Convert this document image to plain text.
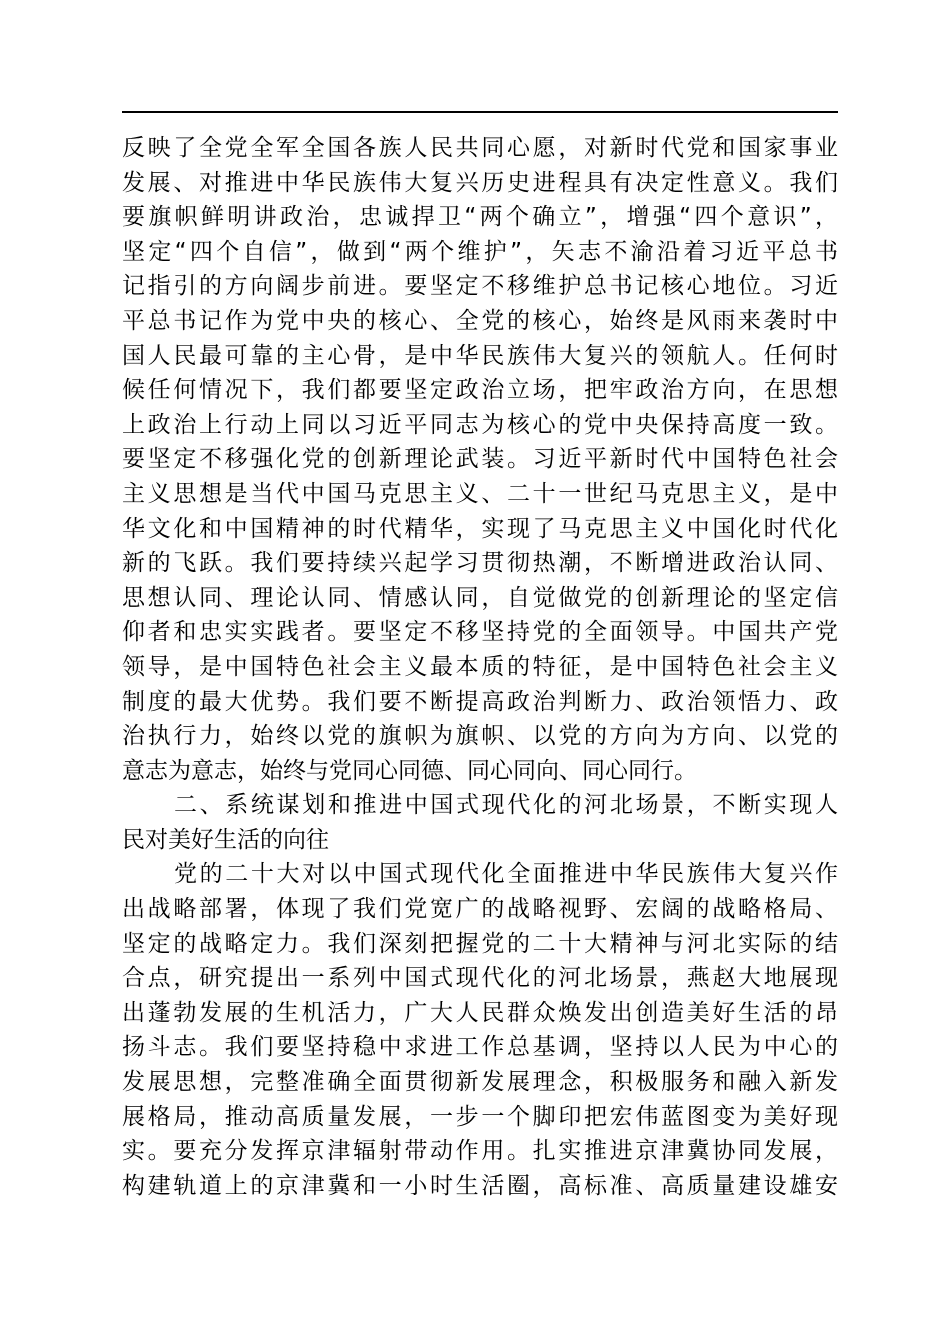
反映了全党全军全国各族人民共同心愿，对新时代党和国家事业
发展、对推进中华民族伟大复兴历史进程具有决定性意义。我们
要旗帜鲜明讲政治，忠诚捍卫“两个确立”，增强“四个意识”，
坚定“四个自信”，做到“两个维护”，矢志不渝沿着习近平总书
记指引的方向阔步前进。要坚定不移维护总书记核心地位。习近
平总书记作为党中央的核心、全党的核心，始终是风雨来袭时中
国人民最可靠的主心骨，是中华民族伟大复兴的领航人。任何时
候任何情况下，我们都要坚定政治立场，把牢政治方向，在思想
上政治上行动上同以习近平同志为核心的党中央保持高度一致。
要坚定不移强化党的创新理论武装。习近平新时代中国特色社会
主义思想是当代中国马克思主义、二十一世纪马克思主义，是中
华文化和中国精神的时代精华，实现了马克思主义中国化时代化
新的飞跃。我们要持续兴起学习贯彻热潮，不断增进政治认同、
思想认同、理论认同、情感认同，自觉做党的创新理论的坚定信
仰者和忠实实践者。要坚定不移坚持党的全面领导。中国共产党
领导，是中国特色社会主义最本质的特征，是中国特色社会主义
制度的最大优势。我们要不断提高政治判断力、政治领悟力、政
治执行力，始终以党的旗帜为旗帜、以党的方向为方向、以党的
意志为意志，始终与党同心同德、同心同向、同心同行。
二、系统谋划和推进中国式现代化的河北场景，不断实现人
民对美好生活的向往
党的二十大对以中国式现代化全面推进中华民族伟大复兴作
出战略部署，体现了我们党宽广的战略视野、宏阔的战略格局、
坚定的战略定力。我们深刻把握党的二十大精神与河北实际的结
合点，研究提出一系列中国式现代化的河北场景，燕赵大地展现
出蓬勃发展的生机活力，广大人民群众焕发出创造美好生活的昂
扬斗志。我们要坚持稳中求进工作总基调，坚持以人民为中心的
发展思想，完整准确全面贯彻新发展理念，积极服务和融入新发
展格局，推动高质量发展，一步一个脚印把宏伟蓝图变为美好现
实。要充分发挥京津辐射带动作用。扎实推进京津冀协同发展，
构建轨道上的京津冀和一小时生活圈，高标准、高质量建设雄安
